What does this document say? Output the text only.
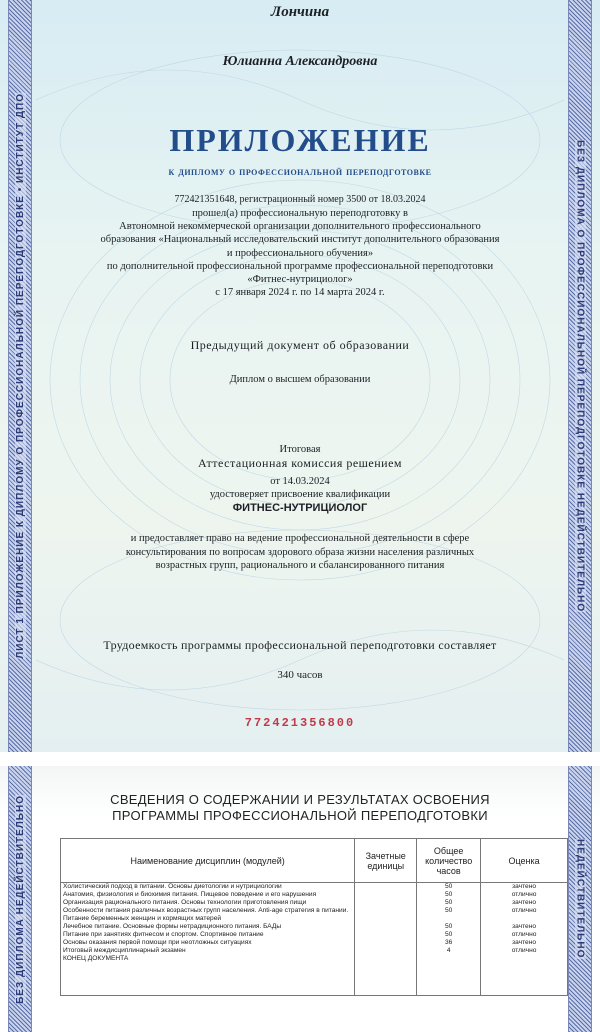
ЛИСТ 1 ПРИЛОЖЕНИЕ К ДИПЛОМУ О ПРОФЕССИОНАЛЬНОЙ ПЕРЕПОДГОТОВКЕ • ИНСТИТУТ ДПО	БЕЗ ДИПЛОМА О ПРОФЕССИОНАЛЬНОЙ ПЕРЕПОДГОТОВКЕ НЕДЕЙСТВИТЕЛЬНО
Лончина
Юлианна Александровна
ПРИЛОЖЕНИЕ
к диплому о профессиональной переподготовке
772421351648, регистрационный номер 3500 от 18.03.2024
прошел(а) профессиональную переподготовку в
Автономной некоммерческой организации дополнительного профессионального
образования «Национальный исследовательский институт дополнительного образования
и профессионального обучения»
по дополнительной профессиональной программе профессиональной переподготовки
«Фитнес-нутрициолог»
с 17 января 2024 г. по 14 марта 2024 г.
Предыдущий документ об образовании
Диплом о высшем образовании
Итоговая
Аттестационная комиссия решением
от 14.03.2024
удостоверяет присвоение квалификации
ФИТНЕС-НУТРИЦИОЛОГ
и предоставляет право на ведение профессиональной деятельности в сфере
консультирования по вопросам здорового образа жизни населения различных
возрастных групп, рационального и сбалансированного питания
Трудоемкость программы профессиональной переподготовки составляет
340 часов
772421356800
БЕЗ ДИПЛОМА НЕДЕЙСТВИТЕЛЬНО	НЕДЕЙСТВИТЕЛЬНО
СВЕДЕНИЯ О СОДЕРЖАНИИ И РЕЗУЛЬТАТАХ ОСВОЕНИЯ
ПРОГРАММЫ ПРОФЕССИОНАЛЬНОЙ ПЕРЕПОДГОТОВКИ
Наименование дисциплин (модулей)	Зачетные единицы	Общее количество часов	Оценка
Холистический подход в питании. Основы диетологии и нутрициологии		50	зачтено
Анатомия, физиология и биохимия питания. Пищевое поведение и его нарушения		50	отлично
Организация рационального питания. Основы технологии приготовления пищи		50	зачтено
Особенности питания различных возрастных групп населения. Anti-age стратегия в питании. Питание беременных женщин и кормящих матерей		50	отлично
Лечебное питание. Основные формы нетрадиционного питания. БАДы		50	зачтено
Питание при занятиях фитнесом и спортом. Спортивное питание		50	отлично
Основы оказания первой помощи при неотложных ситуациях		36	зачтено
Итоговый междисциплинарный экзамен		4	отлично
КОНЕЦ ДОКУМЕНТА			
